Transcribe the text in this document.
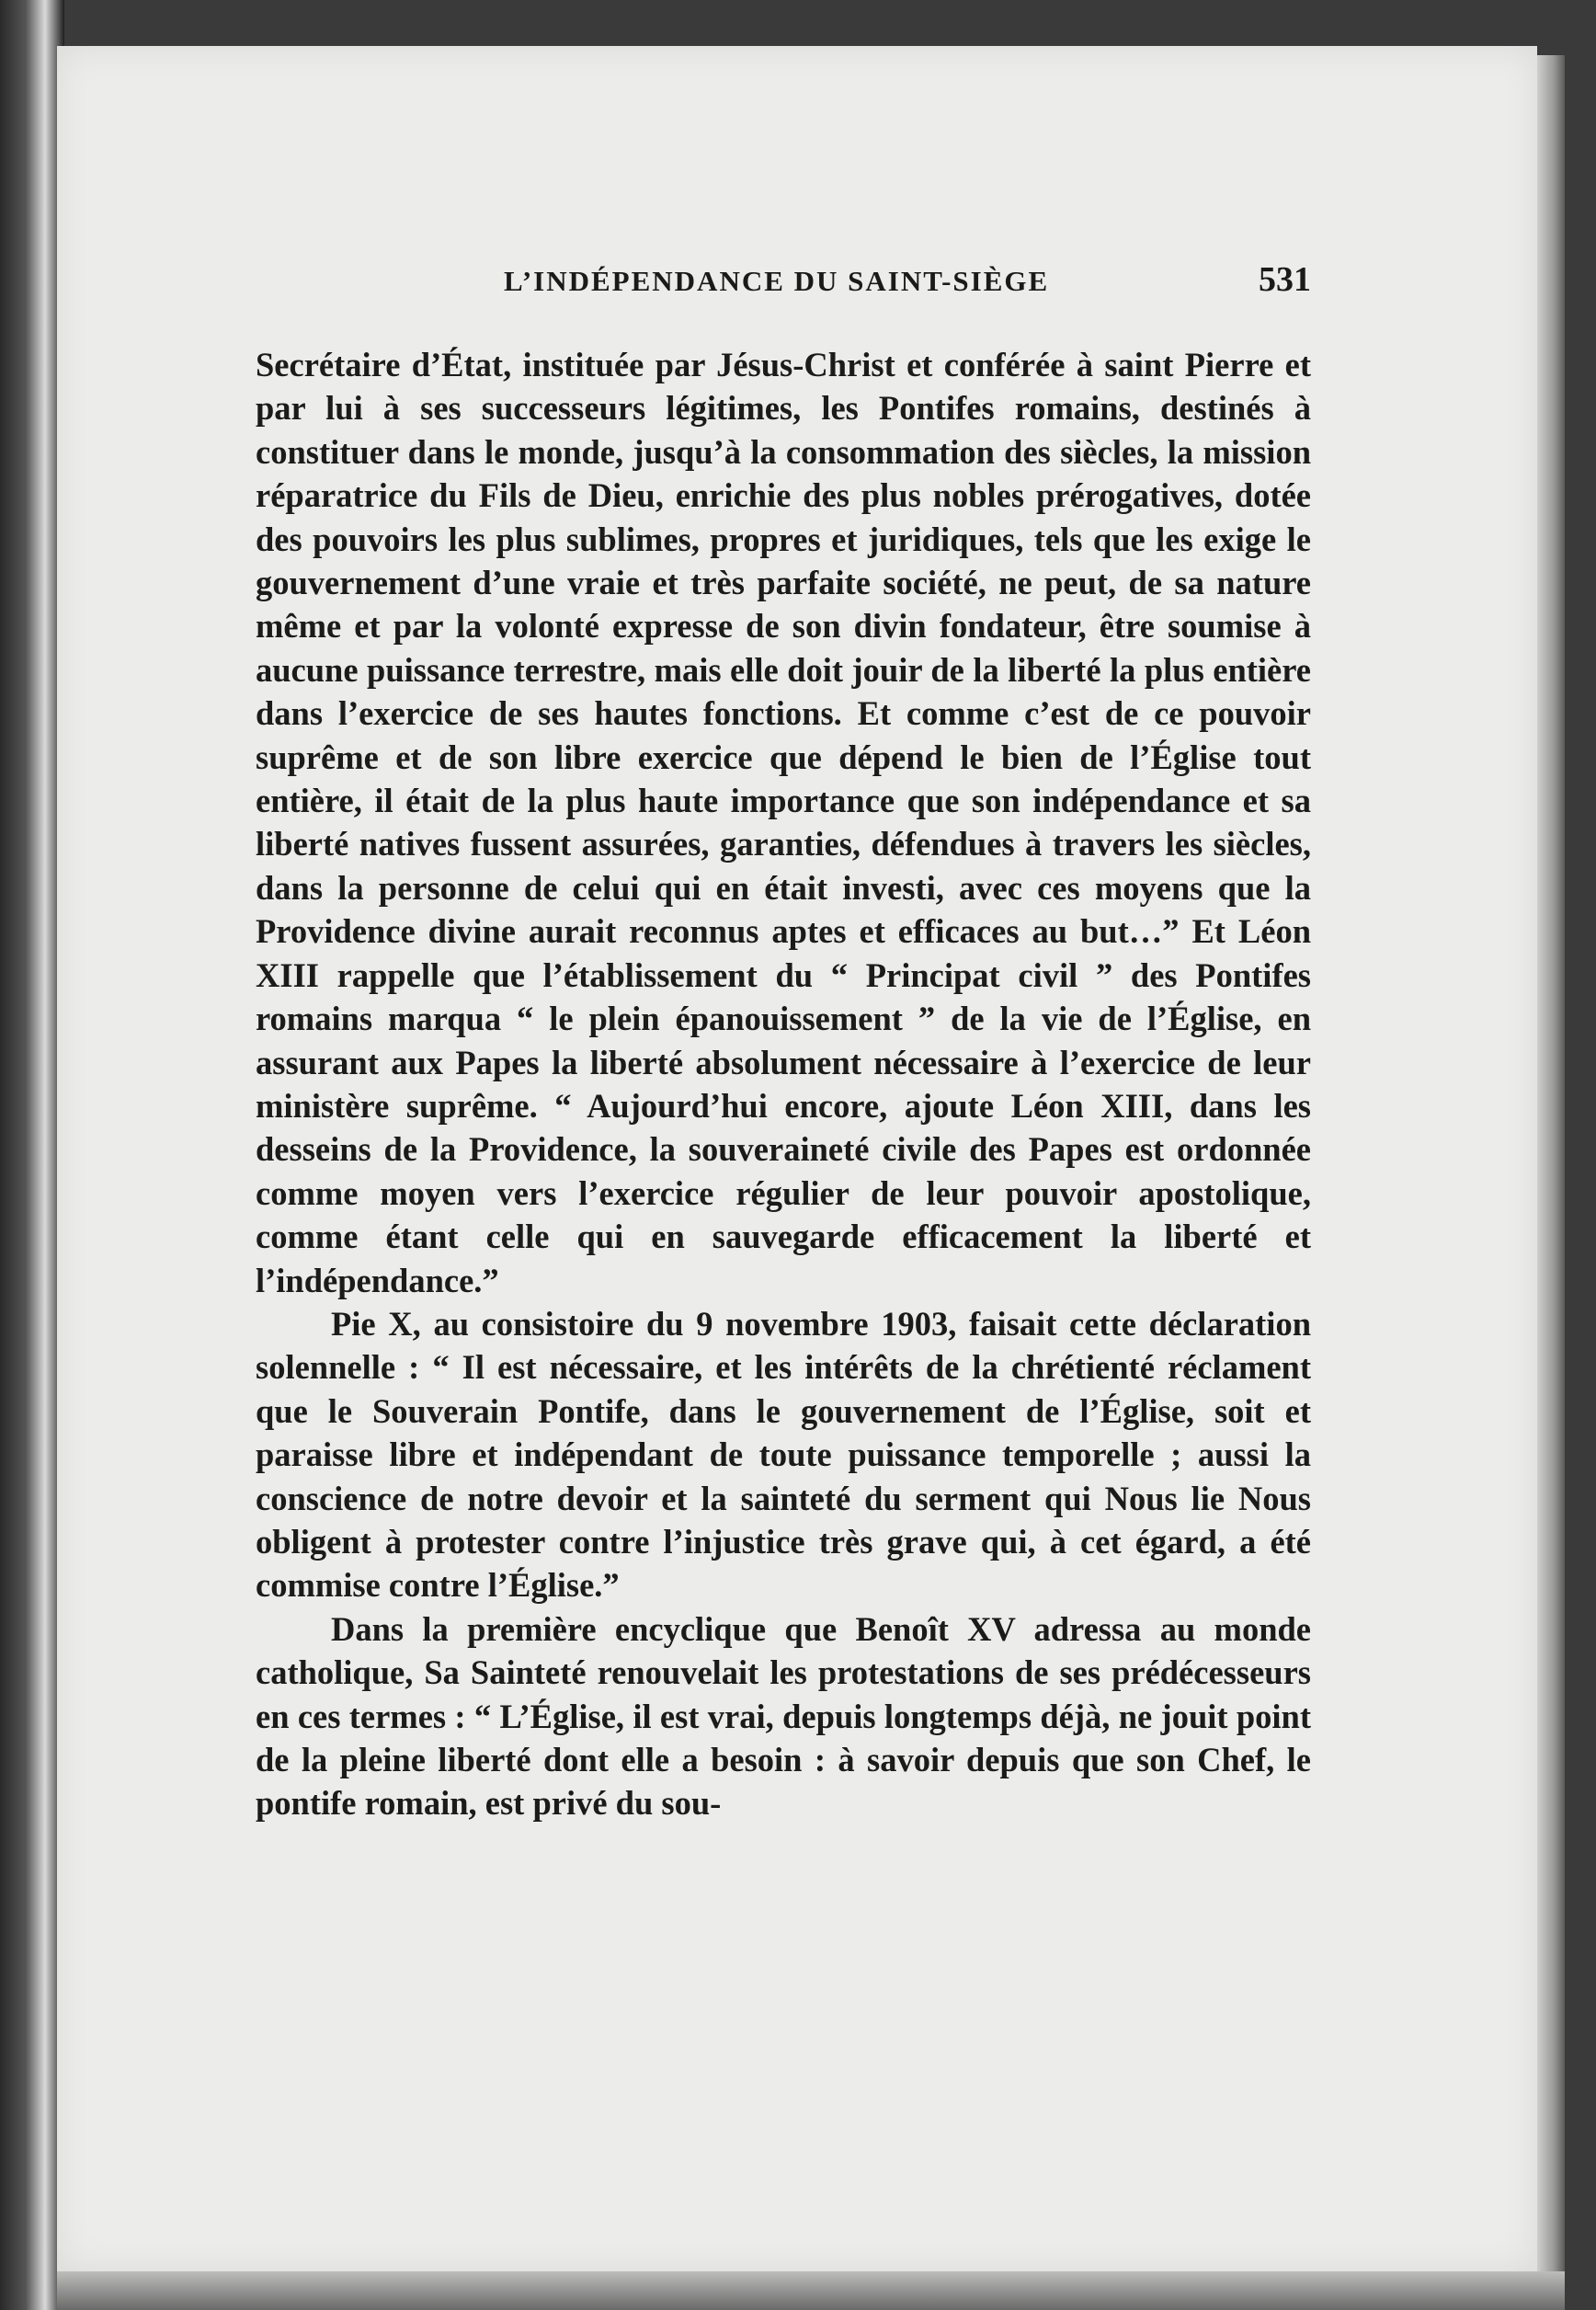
L’INDÉPENDANCE DU SAINT-SIÈGE	531

Secrétaire d’État, instituée par Jésus-Christ et conférée à saint Pierre et par lui à ses successeurs légitimes, les Pontifes romains, destinés à constituer dans le monde, jusqu’à la consommation des siècles, la mission réparatrice du Fils de Dieu, enrichie des plus nobles prérogatives, dotée des pouvoirs les plus sublimes, propres et juridiques, tels que les exige le gouvernement d’une vraie et très parfaite société, ne peut, de sa nature même et par la volonté expresse de son divin fondateur, être soumise à aucune puissance terrestre, mais elle doit jouir de la liberté la plus entière dans l’exercice de ses hautes fonctions. Et comme c’est de ce pouvoir suprême et de son libre exercice que dépend le bien de l’Église tout entière, il était de la plus haute importance que son indépendance et sa liberté natives fussent assurées, garanties, défendues à travers les siècles, dans la personne de celui qui en était investi, avec ces moyens que la Providence divine aurait reconnus aptes et efficaces au but…” Et Léon XIII rappelle que l’établissement du “ Principat civil ” des Pontifes romains marqua “ le plein épanouissement ” de la vie de l’Église, en assurant aux Papes la liberté absolument nécessaire à l’exercice de leur ministère suprême. “ Aujourd’hui encore, ajoute Léon XIII, dans les desseins de la Providence, la souveraineté civile des Papes est ordonnée comme moyen vers l’exercice régulier de leur pouvoir apostolique, comme étant celle qui en sauvegarde efficacement la liberté et l’indépendance.”

Pie X, au consistoire du 9 novembre 1903, faisait cette déclaration solennelle : “ Il est nécessaire, et les intérêts de la chrétienté réclament que le Souverain Pontife, dans le gouvernement de l’Église, soit et paraisse libre et indépendant de toute puissance temporelle ; aussi la conscience de notre devoir et la sainteté du serment qui Nous lie Nous obligent à protester contre l’injustice très grave qui, à cet égard, a été commise contre l’Église.”

Dans la première encyclique que Benoît XV adressa au monde catholique, Sa Sainteté renouvelait les protestations de ses prédécesseurs en ces termes : “ L’Église, il est vrai, depuis longtemps déjà, ne jouit point de la pleine liberté dont elle a besoin : à savoir depuis que son Chef, le pontife romain, est privé du sou-
